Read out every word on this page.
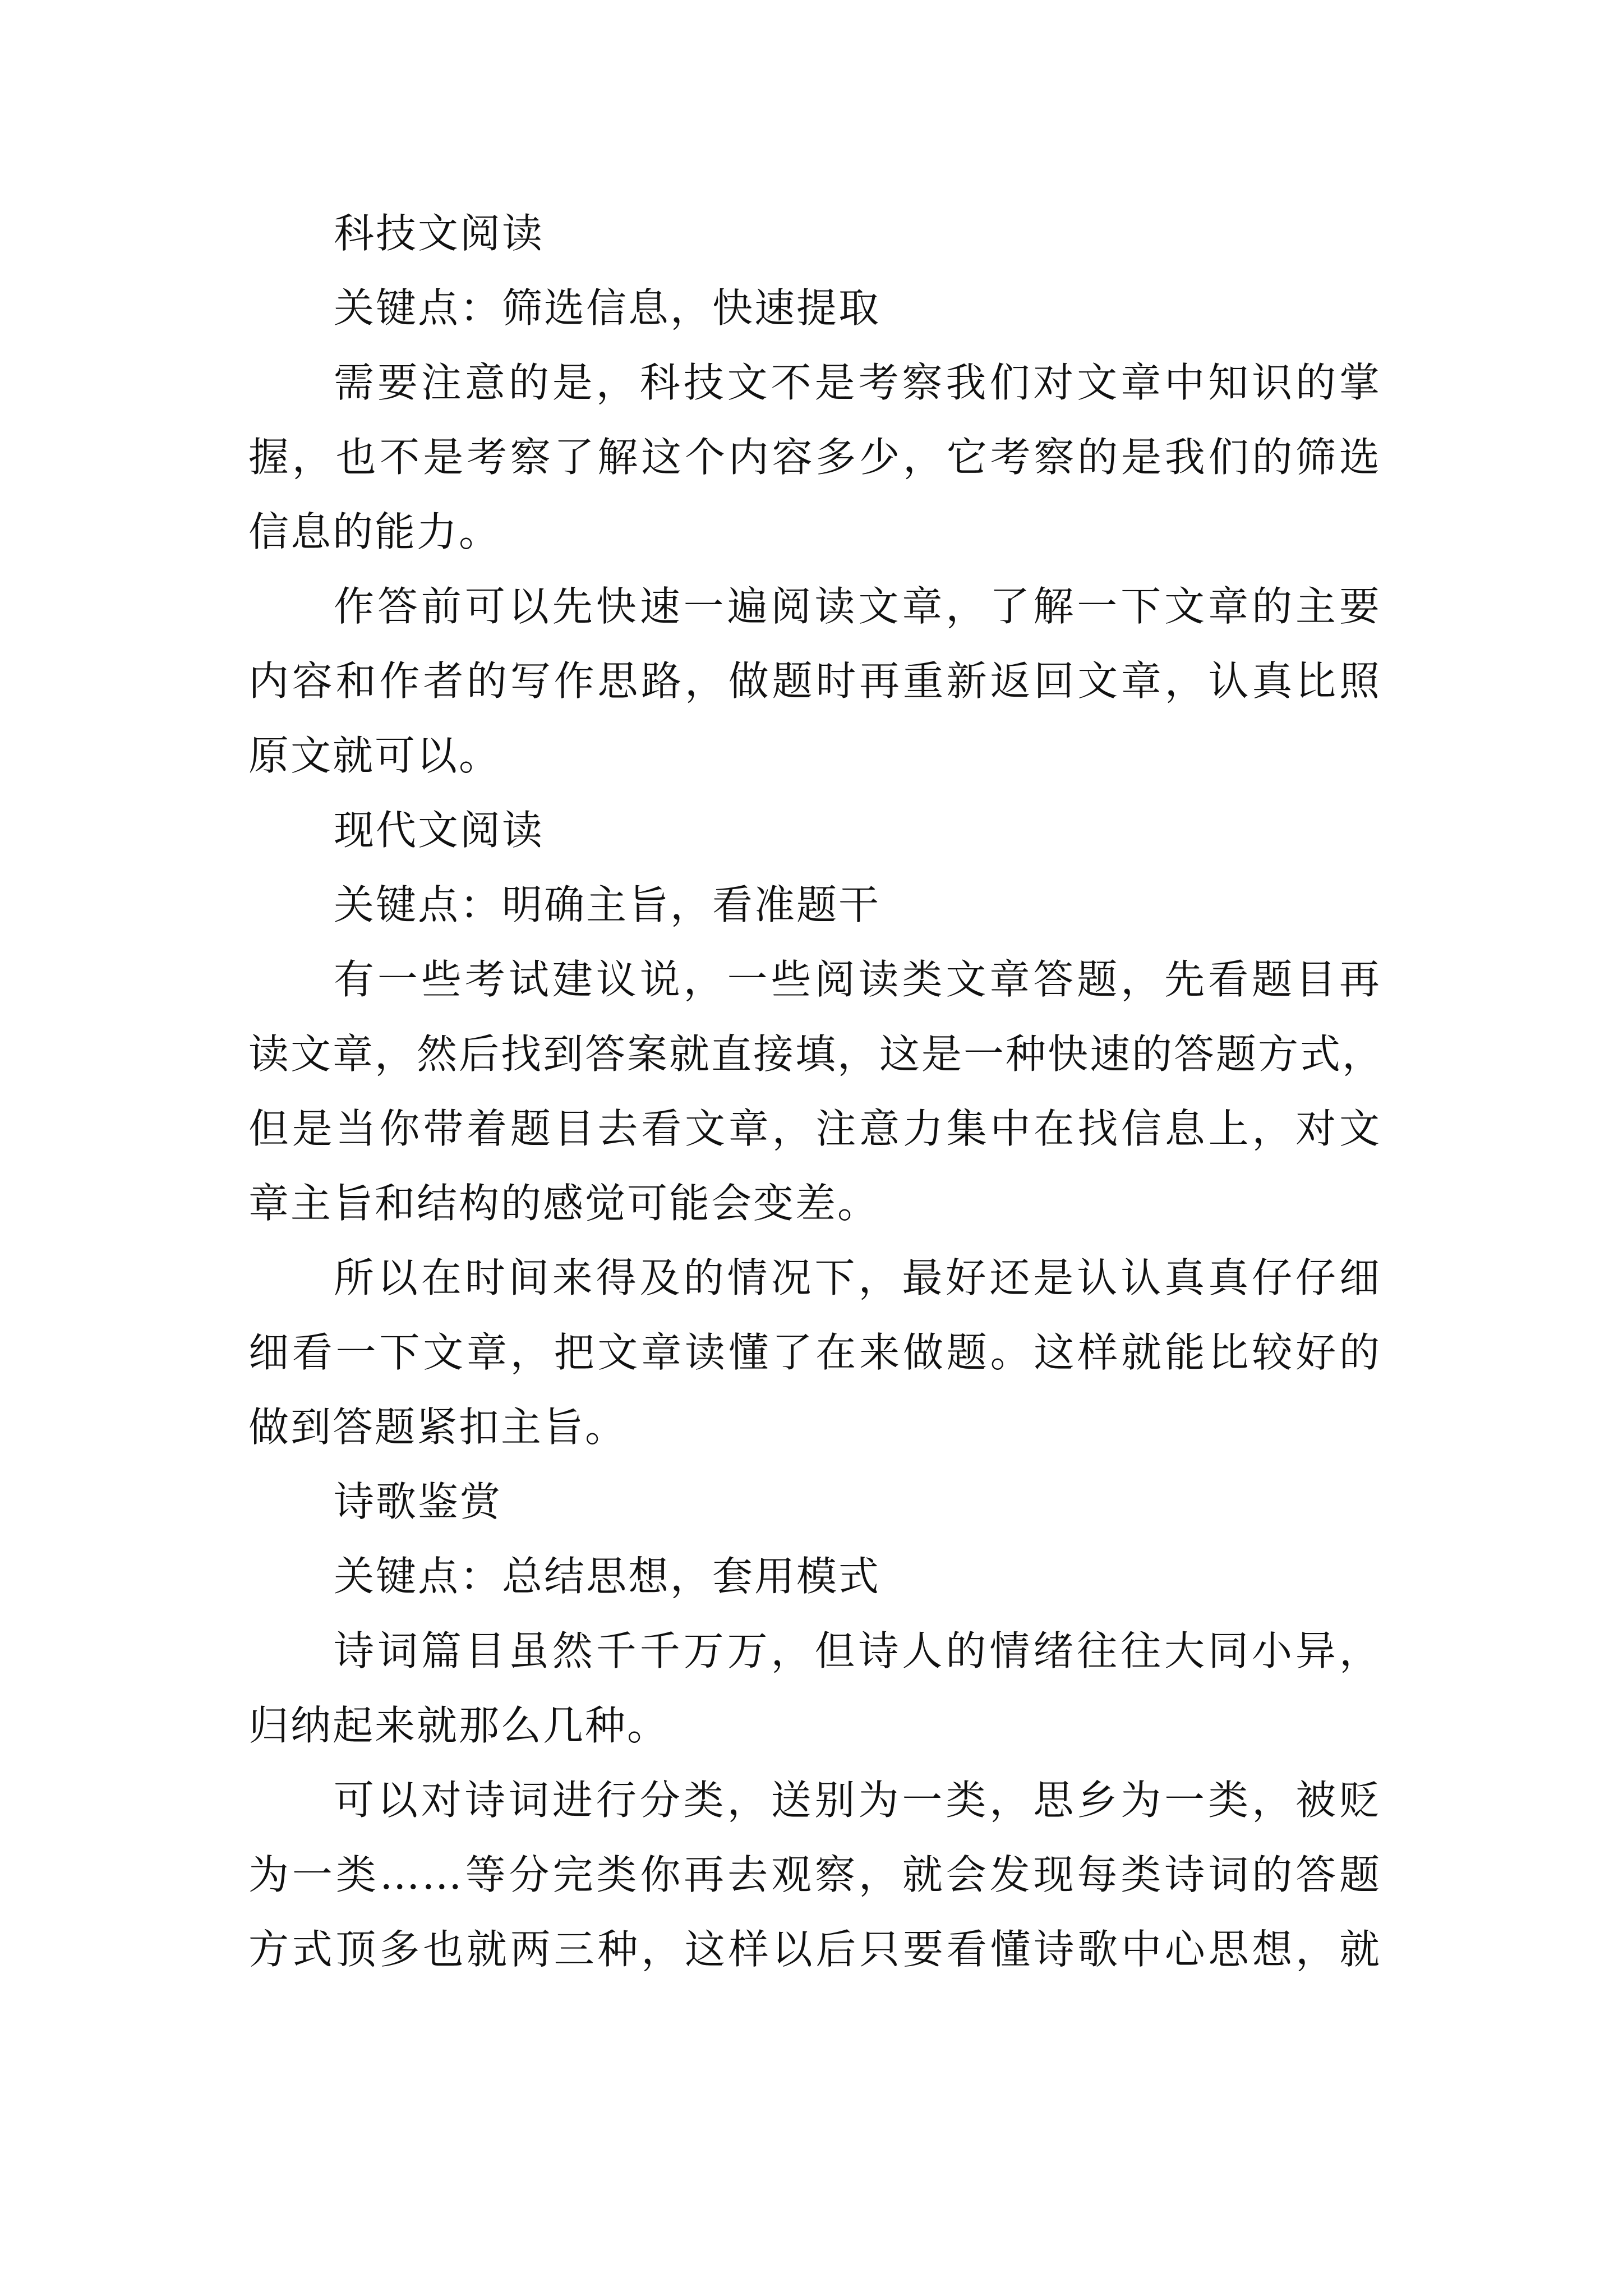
科技文阅读
关键点：筛选信息，快速提取
需要注意的是，科技文不是考察我们对文章中知识的掌
握，也不是考察了解这个内容多少，它考察的是我们的筛选
信息的能力。
作答前可以先快速一遍阅读文章，了解一下文章的主要
内容和作者的写作思路，做题时再重新返回文章，认真比照
原文就可以。
现代文阅读
关键点：明确主旨，看准题干
有一些考试建议说，一些阅读类文章答题，先看题目再
读文章，然后找到答案就直接填，这是一种快速的答题方式，
但是当你带着题目去看文章，注意力集中在找信息上，对文
章主旨和结构的感觉可能会变差。
所以在时间来得及的情况下，最好还是认认真真仔仔细
细看一下文章，把文章读懂了在来做题。这样就能比较好的
做到答题紧扣主旨。
诗歌鉴赏
关键点：总结思想，套用模式
诗词篇目虽然千千万万，但诗人的情绪往往大同小异，
归纳起来就那么几种。
可以对诗词进行分类，送别为一类，思乡为一类，被贬
为一类……等分完类你再去观察，就会发现每类诗词的答题
方式顶多也就两三种，这样以后只要看懂诗歌中心思想，就
